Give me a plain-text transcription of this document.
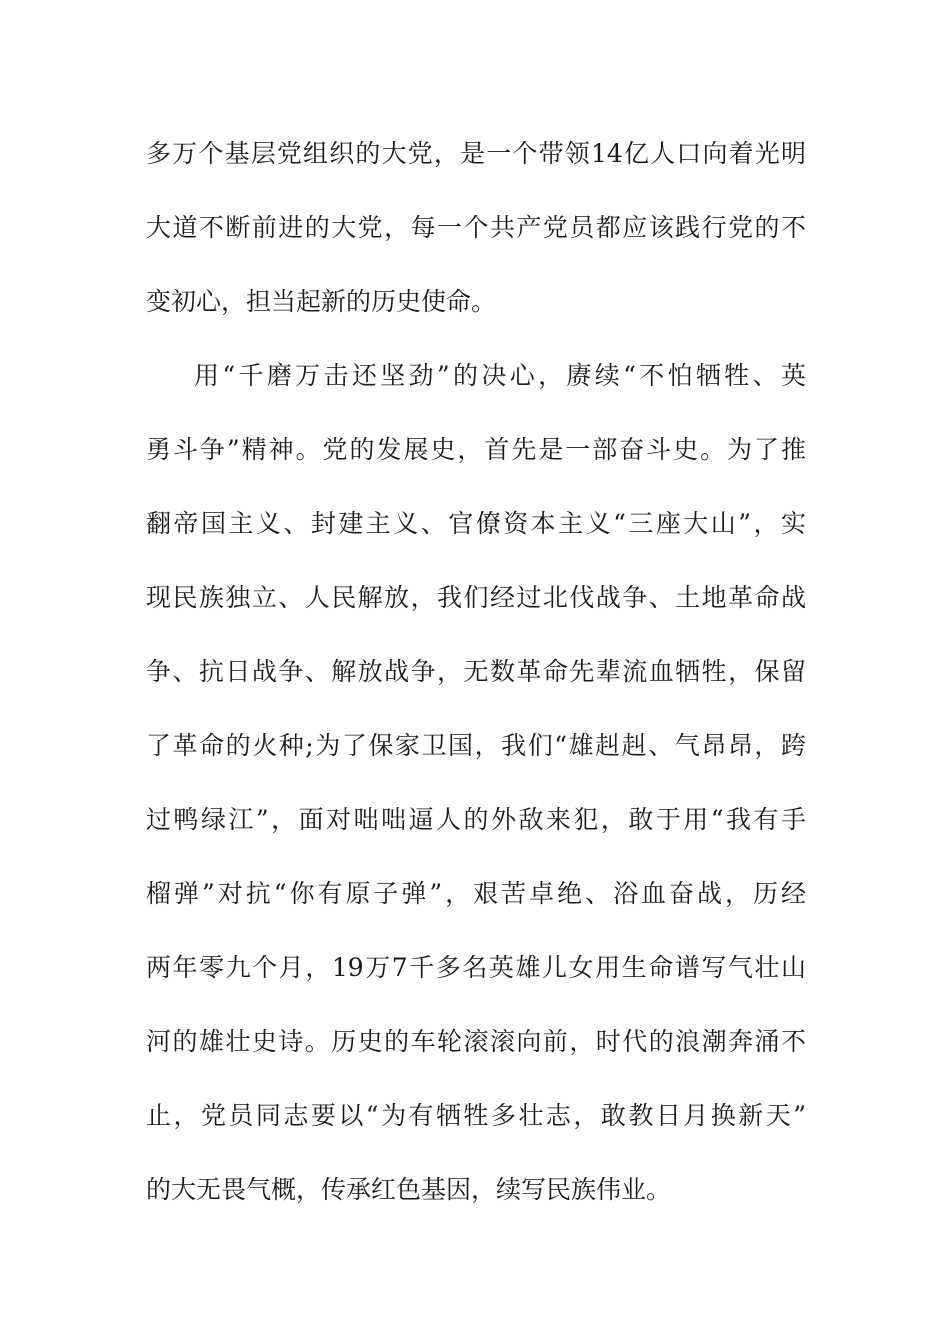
多万个基层党组织的大党，是一个带领14亿人口向着光明
大道不断前进的大党，每一个共产党员都应该践行党的不
变初心，担当起新的历史使命。
用“千磨万击还坚劲”的决心，赓续“不怕牺牲、英
勇斗争”精神。党的发展史，首先是一部奋斗史。为了推
翻帝国主义、封建主义、官僚资本主义“三座大山”，实
现民族独立、人民解放，我们经过北伐战争、土地革命战
争、抗日战争、解放战争，无数革命先辈流血牺牲，保留
了革命的火种;为了保家卫国，我们“雄赳赳、气昂昂，跨
过鸭绿江”，面对咄咄逼人的外敌来犯，敢于用“我有手
榴弹”对抗“你有原子弹”，艰苦卓绝、浴血奋战，历经
两年零九个月，19万7千多名英雄儿女用生命谱写气壮山
河的雄壮史诗。历史的车轮滚滚向前，时代的浪潮奔涌不
止，党员同志要以“为有牺牲多壮志，敢教日月换新天”
的大无畏气概，传承红色基因，续写民族伟业。
